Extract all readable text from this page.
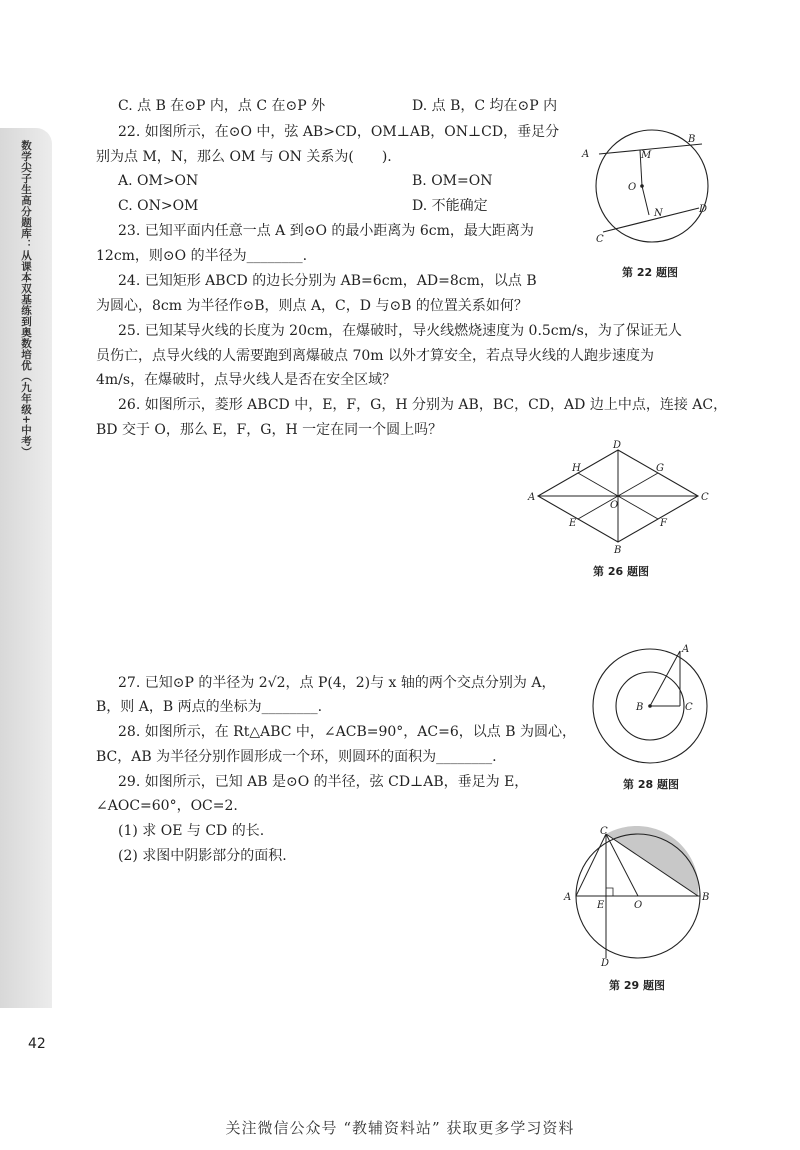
数学尖子生高分题库：从课本双基练到奥数培优（九年级+中考）
42
关注微信公众号 “教辅资料站” 获取更多学习资料
C. 点 B 在⊙P 内，点 C 在⊙P 外	D. 点 B，C 均在⊙P 内
22. 如图所示，在⊙O 中，弦 AB>CD，OM⊥AB，ON⊥CD，垂足分
别为点 M，N，那么 OM 与 ON 关系为(　　).
A. OM>ON	B. OM=ON
C. ON>OM	D. 不能确定
23. 已知平面内任意一点 A 到⊙O 的最小距离为 6cm，最大距离为
12cm，则⊙O 的半径为________.
24. 已知矩形 ABCD 的边长分别为 AB=6cm，AD=8cm，以点 B
为圆心，8cm 为半径作⊙B，则点 A，C，D 与⊙B 的位置关系如何？
25. 已知某导火线的长度为 20cm，在爆破时，导火线燃烧速度为 0.5cm/s，为了保证无人
员伤亡，点导火线的人需要跑到离爆破点 70m 以外才算安全，若点导火线的人跑步速度为
4m/s，在爆破时，点导火线人是否在安全区域？
26. 如图所示，菱形 ABCD 中，E，F，G，H 分别为 AB，BC，CD，AD 边上中点，连接 AC，
BD 交于 O，那么 E，F，G，H 一定在同一个圆上吗？
27. 已知⊙P 的半径为 2√2，点 P(4，2)与 x 轴的两个交点分别为 A，
B，则 A，B 两点的坐标为________.
28. 如图所示，在 Rt△ABC 中，∠ACB=90°，AC=6，以点 B 为圆心，
BC，AB 为半径分别作圆形成一个环，则圆环的面积为________.
29. 如图所示，已知 AB 是⊙O 的半径，弦 CD⊥AB，垂足为 E，
∠AOC=60°，OC=2.
(1) 求 OE 与 CD 的长.
(2) 求图中阴影部分的面积.
A
B
M
O
N	D
C
第 22 题图
D
H	G
A	C
O
E	F
B
第 26 题图
A
B	C
第 28 题图
C
A
E	O
B
D
第 29 题图
